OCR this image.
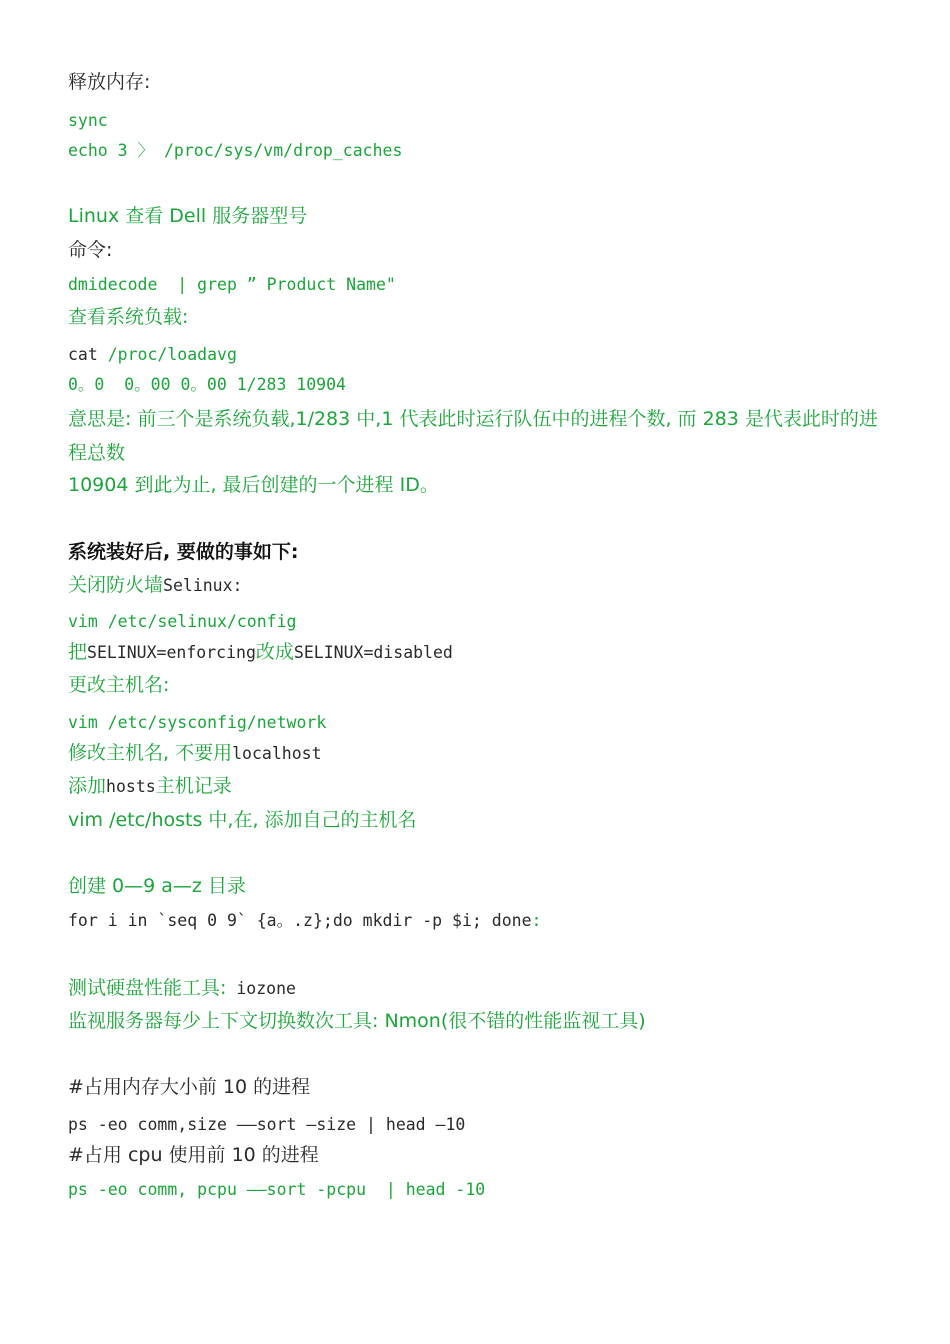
释放内存:
sync
echo 3 〉 /proc/sys/vm/drop_caches
Linux 查看 Dell 服务器型号
命令:
dmidecode  | grep ” Product Name"
查看系统负载:
cat /proc/loadavg
0。0  0。00 0。00 1/283 10904
意思是: 前三个是系统负载,1/283 中,1 代表此时运行队伍中的进程个数, 而 283 是代表此时的进程总数
10904 到此为止, 最后创建的一个进程 ID。
系统装好后, 要做的事如下:
关闭防火墙Selinux:
vim /etc/selinux/config
把SELINUX=enforcing改成SELINUX=disabled
更改主机名:
vim /etc/sysconfig/network
修改主机名, 不要用localhost
添加hosts主机记录
vim /etc/hosts 中,在, 添加自己的主机名
创建 0—9 a—z 目录
for i in `seq 0 9` {a。.z};do mkdir -p $i; done:
测试硬盘性能工具: iozone
监视服务器每少上下文切换数次工具: Nmon(很不错的性能监视工具)
#占用内存大小前 10 的进程
ps -eo comm,size ——sort —size | head —10
#占用 cpu 使用前 10 的进程
ps -eo comm, pcpu ——sort -pcpu  | head -10
